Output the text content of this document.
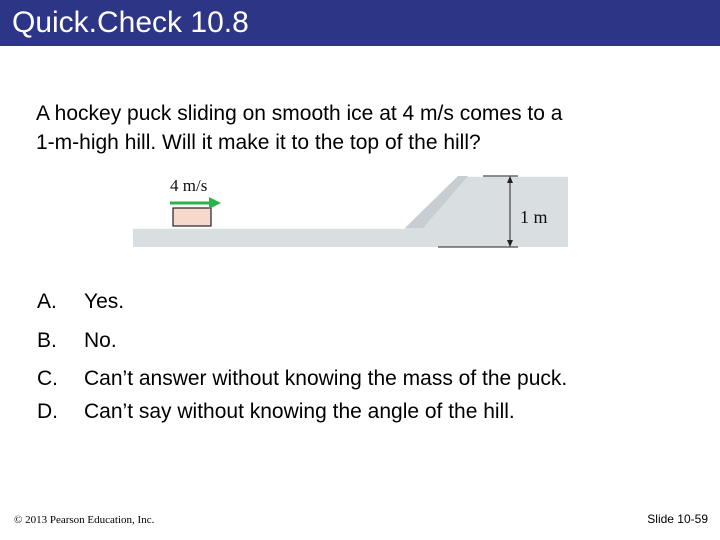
Quick.Check 10.8
A hockey puck sliding on smooth ice at 4 m/s comes to a
1-m-high hill. Will it make it to the top of the hill?
4 m/s
1 m
A. Yes.
B. No.
C. Can’t answer without knowing the mass of the puck.
D. Can’t say without knowing the angle of the hill.
© 2013 Pearson Education, Inc.	Slide 10-59
